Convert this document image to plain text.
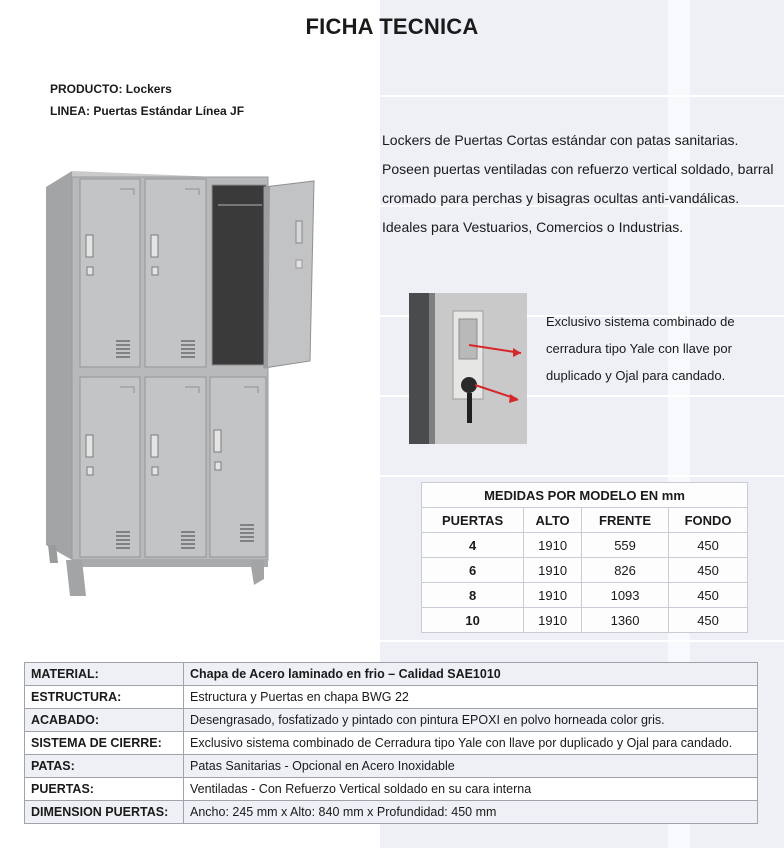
FICHA TECNICA
PRODUCTO: Lockers
LINEA: Puertas Estándar Línea JF

Lockers de Puertas Cortas estándar con patas sanitarias.

Poseen puertas ventiladas con refuerzo vertical soldado, barral cromado para perchas y bisagras ocultas anti-vandálicas.

Ideales para Vestuarios, Comercios o Industrias.

Exclusivo sistema combinado de cerradura tipo Yale con llave por duplicado y Ojal para candado.
MEDIDAS POR MODELO EN mm			
PUERTAS	ALTO	FRENTE	FONDO
4	1910	559	450
6	1910	826	450
8	1910	1093	450
10	1910	1360	450
MATERIAL:	Chapa de Acero laminado en frio – Calidad SAE1010
ESTRUCTURA:	Estructura y Puertas en chapa BWG 22
ACABADO:	Desengrasado, fosfatizado y pintado con pintura EPOXI en polvo horneada color gris.
SISTEMA DE CIERRE:	Exclusivo sistema combinado de Cerradura tipo Yale con llave por duplicado y Ojal para candado.
PATAS:	Patas Sanitarias - Opcional en Acero Inoxidable
PUERTAS:	Ventiladas - Con Refuerzo Vertical soldado en su cara interna
DIMENSION PUERTAS:	Ancho: 245 mm x Alto: 840 mm x Profundidad: 450 mm
